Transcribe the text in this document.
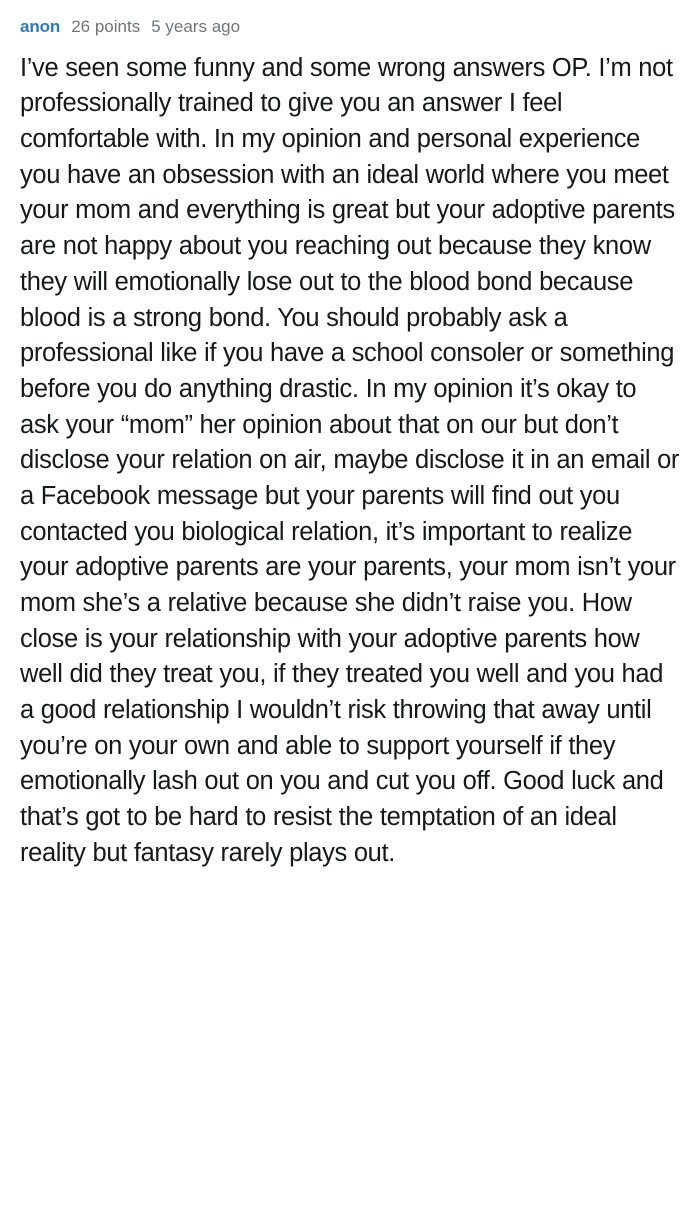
anon 26 points 5 years ago
I’ve seen some funny and some wrong answers OP. I’m not professionally trained to give you an answer I feel comfortable with. In my opinion and personal experience you have an obsession with an ideal world where you meet your mom and everything is great but your adoptive parents are not happy about you reaching out because they know they will emotionally lose out to the blood bond because blood is a strong bond. You should probably ask a professional like if you have a school consoler or something before you do anything drastic. In my opinion it’s okay to ask your “mom” her opinion about that on our but don’t disclose your relation on air, maybe disclose it in an email or a Facebook message but your parents will find out you contacted you biological relation, it’s important to realize your adoptive parents are your parents, your mom isn’t your mom she’s a relative because she didn’t raise you. How close is your relationship with your adoptive parents how well did they treat you, if they treated you well and you had a good relationship I wouldn’t risk throwing that away until you’re on your own and able to support yourself if they emotionally lash out on you and cut you off. Good luck and that’s got to be hard to resist the temptation of an ideal reality but fantasy rarely plays out.
